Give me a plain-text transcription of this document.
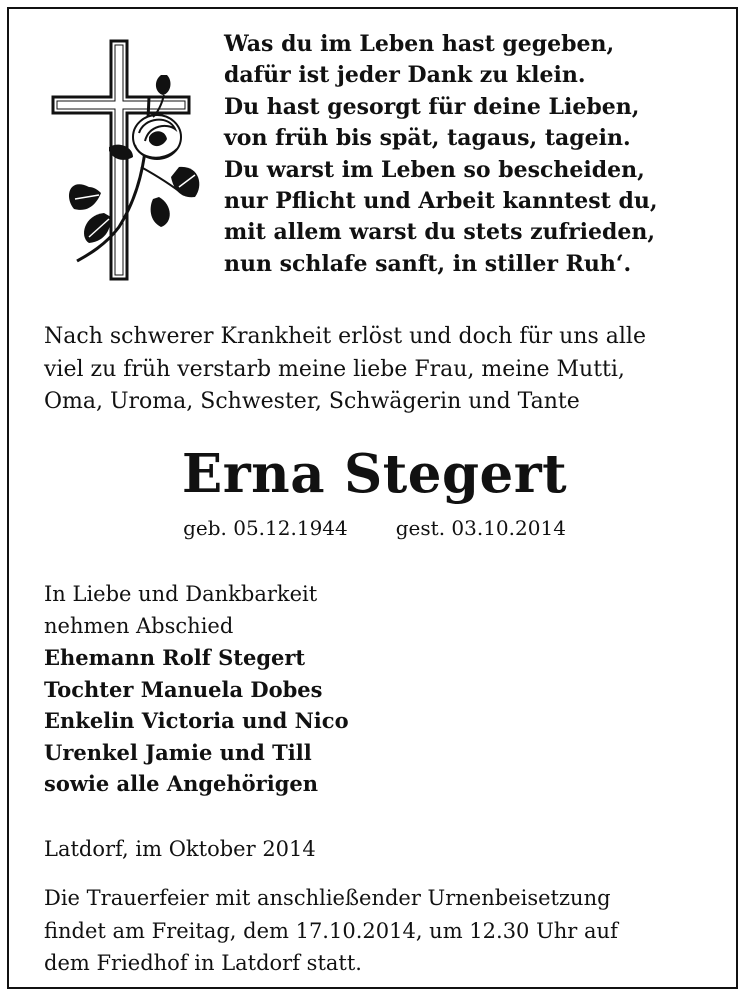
Was du im Leben hast gegeben,
dafür ist jeder Dank zu klein.
Du hast gesorgt für deine Lieben,
von früh bis spät, tagaus, tagein.
Du warst im Leben so bescheiden,
nur Pflicht und Arbeit kanntest du,
mit allem warst du stets zufrieden,
nun schlafe sanft, in stiller Ruh‘.
Nach schwerer Krankheit erlöst und doch für uns alle
viel zu früh verstarb meine liebe Frau, meine Mutti,
Oma, Uroma, Schwester, Schwägerin und Tante
Erna Stegert
geb. 05.12.1944 gest. 03.10.2014
In Liebe und Dankbarkeit
nehmen Abschied
Ehemann Rolf Stegert
Tochter Manuela Dobes
Enkelin Victoria und Nico
Urenkel Jamie und Till
sowie alle Angehörigen
Latdorf, im Oktober 2014
Die Trauerfeier mit anschließender Urnenbeisetzung
findet am Freitag, dem 17.10.2014, um 12.30 Uhr auf
dem Friedhof in Latdorf statt.
